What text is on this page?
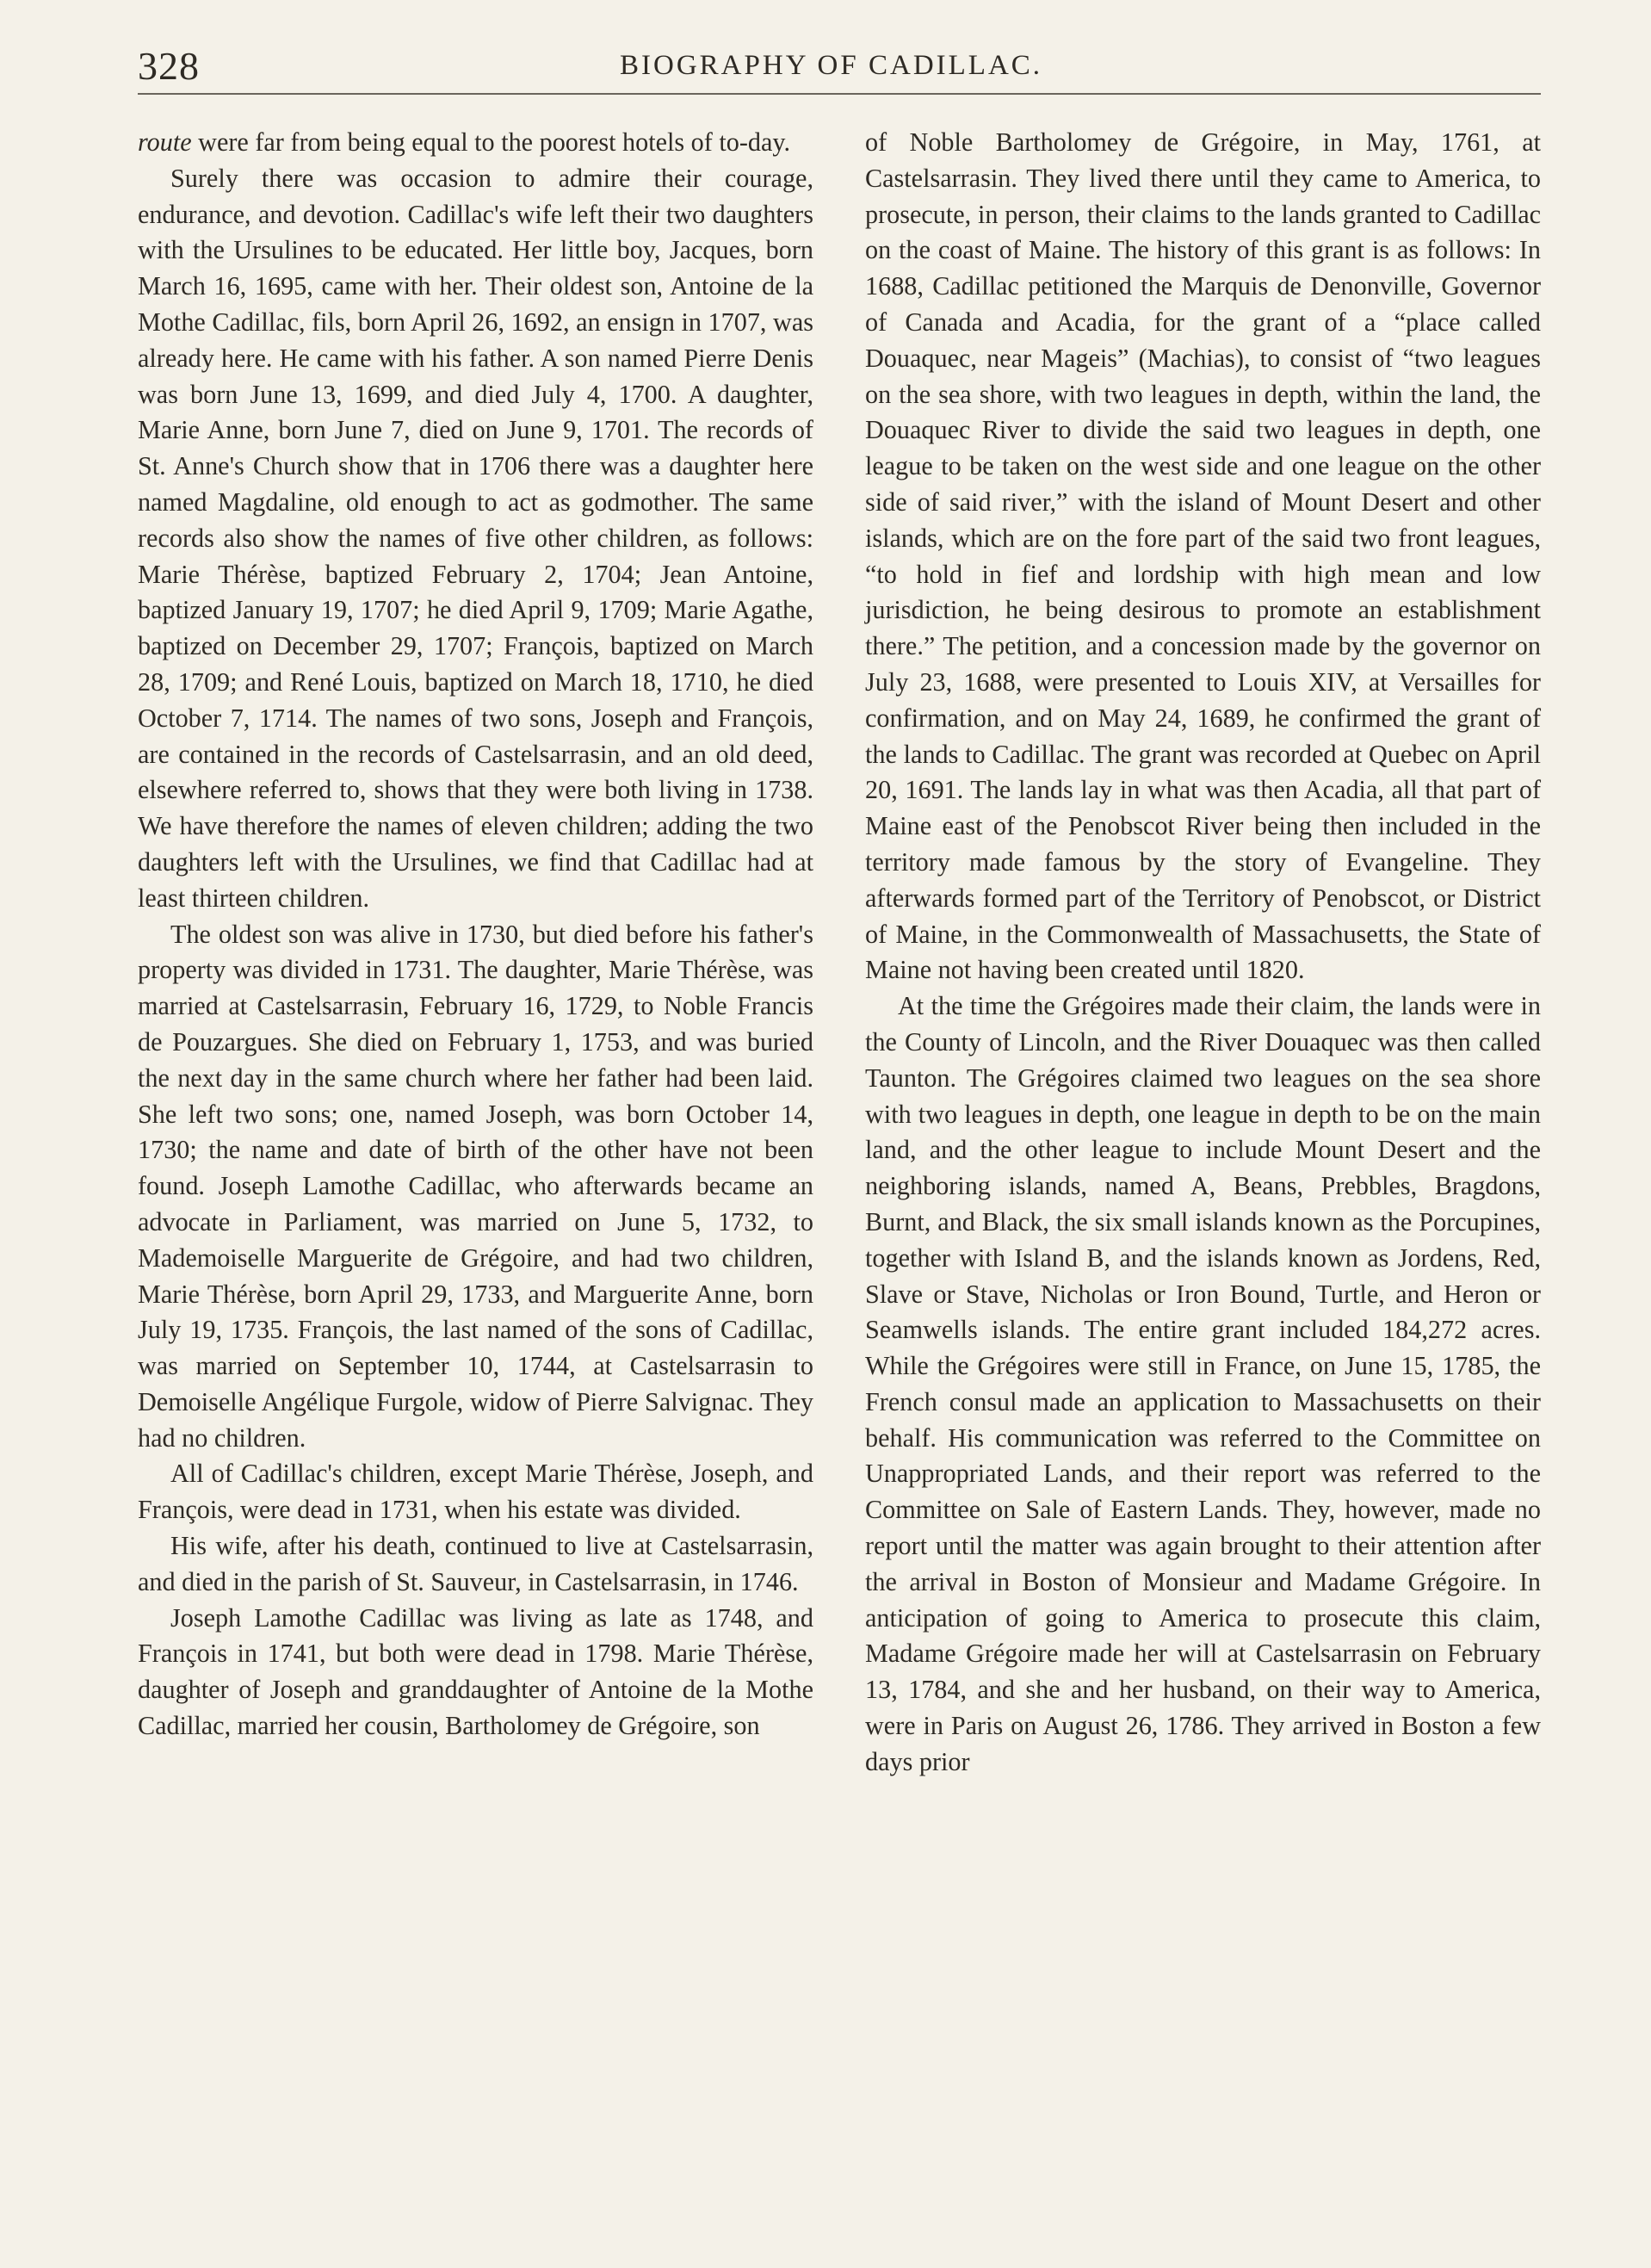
328	BIOGRAPHY OF CADILLAC.

route were far from being equal to the poorest hotels of to-day.

Surely there was occasion to admire their courage, endurance, and devotion. Cadillac's wife left their two daughters with the Ursulines to be educated. Her little boy, Jacques, born March 16, 1695, came with her. Their oldest son, Antoine de la Mothe Cadillac, fils, born April 26, 1692, an ensign in 1707, was already here. He came with his father. A son named Pierre Denis was born June 13, 1699, and died July 4, 1700. A daughter, Marie Anne, born June 7, died on June 9, 1701. The records of St. Anne's Church show that in 1706 there was a daughter here named Magdaline, old enough to act as godmother. The same records also show the names of five other children, as follows: Marie Thérèse, baptized February 2, 1704; Jean Antoine, baptized January 19, 1707; he died April 9, 1709; Marie Agathe, baptized on December 29, 1707; François, baptized on March 28, 1709; and René Louis, baptized on March 18, 1710, he died October 7, 1714. The names of two sons, Joseph and François, are contained in the records of Castelsarrasin, and an old deed, elsewhere referred to, shows that they were both living in 1738. We have therefore the names of eleven children; adding the two daughters left with the Ursulines, we find that Cadillac had at least thirteen children.

The oldest son was alive in 1730, but died before his father's property was divided in 1731. The daughter, Marie Thérèse, was married at Castelsarrasin, February 16, 1729, to Noble Francis de Pouzargues. She died on February 1, 1753, and was buried the next day in the same church where her father had been laid. She left two sons; one, named Joseph, was born October 14, 1730; the name and date of birth of the other have not been found. Joseph Lamothe Cadillac, who afterwards became an advocate in Parliament, was married on June 5, 1732, to Mademoiselle Marguerite de Grégoire, and had two children, Marie Thérèse, born April 29, 1733, and Marguerite Anne, born July 19, 1735. François, the last named of the sons of Cadillac, was married on September 10, 1744, at Castelsarrasin to Demoiselle Angélique Furgole, widow of Pierre Salvignac. They had no children.

All of Cadillac's children, except Marie Thérèse, Joseph, and François, were dead in 1731, when his estate was divided.

His wife, after his death, continued to live at Castelsarrasin, and died in the parish of St. Sauveur, in Castelsarrasin, in 1746.

Joseph Lamothe Cadillac was living as late as 1748, and François in 1741, but both were dead in 1798. Marie Thérèse, daughter of Joseph and granddaughter of Antoine de la Mothe Cadillac, married her cousin, Bartholomey de Grégoire, son

of Noble Bartholomey de Grégoire, in May, 1761, at Castelsarrasin. They lived there until they came to America, to prosecute, in person, their claims to the lands granted to Cadillac on the coast of Maine. The history of this grant is as follows: In 1688, Cadillac petitioned the Marquis de Denonville, Governor of Canada and Acadia, for the grant of a “place called Douaquec, near Mageis” (Machias), to consist of “two leagues on the sea shore, with two leagues in depth, within the land, the Douaquec River to divide the said two leagues in depth, one league to be taken on the west side and one league on the other side of said river,” with the island of Mount Desert and other islands, which are on the fore part of the said two front leagues, “to hold in fief and lordship with high mean and low jurisdiction, he being desirous to promote an establishment there.” The petition, and a concession made by the governor on July 23, 1688, were presented to Louis XIV, at Versailles for confirmation, and on May 24, 1689, he confirmed the grant of the lands to Cadillac. The grant was recorded at Quebec on April 20, 1691. The lands lay in what was then Acadia, all that part of Maine east of the Penobscot River being then included in the territory made famous by the story of Evangeline. They afterwards formed part of the Territory of Penobscot, or District of Maine, in the Commonwealth of Massachusetts, the State of Maine not having been created until 1820.

At the time the Grégoires made their claim, the lands were in the County of Lincoln, and the River Douaquec was then called Taunton. The Grégoires claimed two leagues on the sea shore with two leagues in depth, one league in depth to be on the main land, and the other league to include Mount Desert and the neighboring islands, named A, Beans, Prebbles, Bragdons, Burnt, and Black, the six small islands known as the Porcupines, together with Island B, and the islands known as Jordens, Red, Slave or Stave, Nicholas or Iron Bound, Turtle, and Heron or Seamwells islands. The entire grant included 184,272 acres. While the Grégoires were still in France, on June 15, 1785, the French consul made an application to Massachusetts on their behalf. His communication was referred to the Committee on Unappropriated Lands, and their report was referred to the Committee on Sale of Eastern Lands. They, however, made no report until the matter was again brought to their attention after the arrival in Boston of Monsieur and Madame Grégoire. In anticipation of going to America to prosecute this claim, Madame Grégoire made her will at Castelsarrasin on February 13, 1784, and she and her husband, on their way to America, were in Paris on August 26, 1786. They arrived in Boston a few days prior
